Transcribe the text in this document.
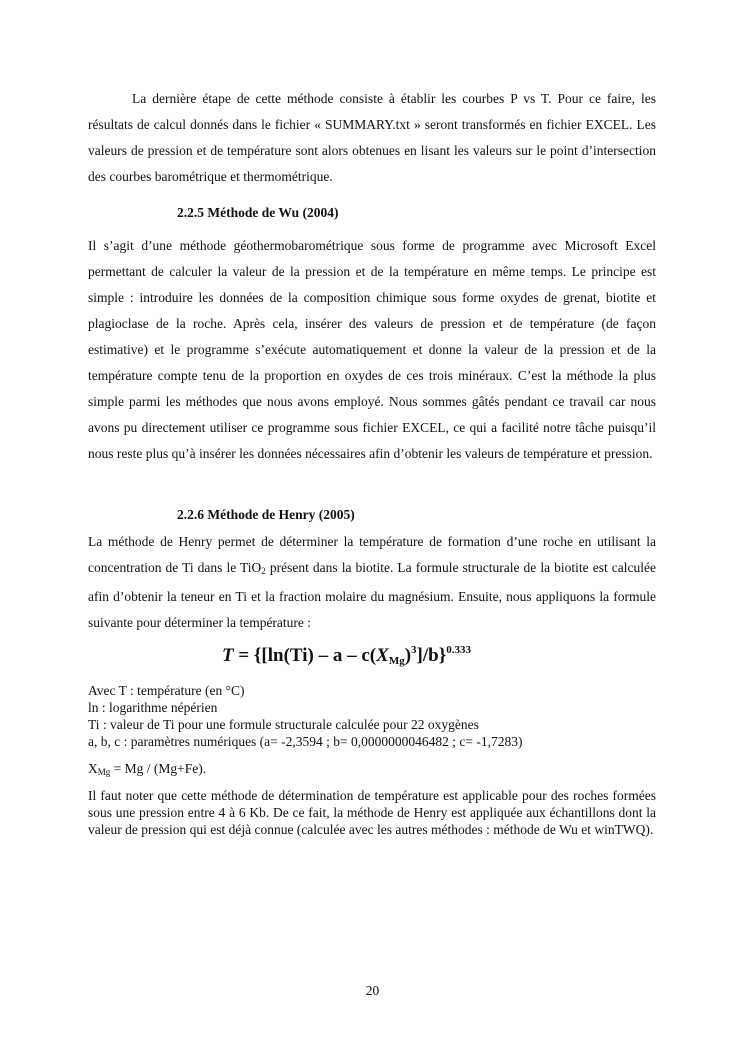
La dernière étape de cette méthode consiste à établir les courbes P vs T. Pour ce faire, les résultats de calcul donnés dans le fichier « SUMMARY.txt » seront transformés en fichier EXCEL. Les valeurs de pression et de température sont alors obtenues en lisant les valeurs sur le point d’intersection des courbes barométrique et thermométrique.

2.2.5 Méthode de Wu (2004)

Il s’agit d’une méthode géothermobarométrique sous forme de programme avec Microsoft Excel permettant de calculer la valeur de la pression et de la température en même temps. Le principe est simple : introduire les données de la composition chimique sous forme oxydes de grenat, biotite et plagioclase de la roche. Après cela, insérer des valeurs de pression et de température (de façon estimative) et le programme s’exécute automatiquement et donne la valeur de la pression et de la température compte tenu de la proportion en oxydes de ces trois minéraux. C’est la méthode la plus simple parmi les méthodes que nous avons employé. Nous sommes gâtés pendant ce travail car nous avons pu directement utiliser ce programme sous fichier EXCEL, ce qui a facilité notre tâche puisqu’il nous reste plus qu’à insérer les données nécessaires afin d’obtenir les valeurs de température et pression.

2.2.6 Méthode de Henry (2005)

La méthode de Henry permet de déterminer la température de formation d’une roche en utilisant la concentration de Ti dans le TiO$_2$ présent dans la biotite. La formule structurale de la biotite est calculée afin d’obtenir la teneur en Ti et la fraction molaire du magnésium. Ensuite, nous appliquons la formule suivante pour déterminer la température :

$T = \{[\ln(Ti) - a - c(X_{Mg})^3]/b\}^{0.333}$
Avec T : température (en °C)
ln : logarithme népérien
Ti : valeur de Ti pour une formule structurale calculée pour 22 oxygènes
a, b, c : paramètres numériques (a= -2,3594 ; b= 0,0000000046482 ; c= -1,7283)

$X_{Mg} = Mg / (Mg+Fe)$.

Il faut noter que cette méthode de détermination de température est applicable pour des roches formées sous une pression entre 4 à 6 Kb. De ce fait, la méthode de Henry est appliquée aux échantillons dont la valeur de pression qui est déjà connue (calculée avec les autres méthodes : méthode de Wu et winTWQ).

20
